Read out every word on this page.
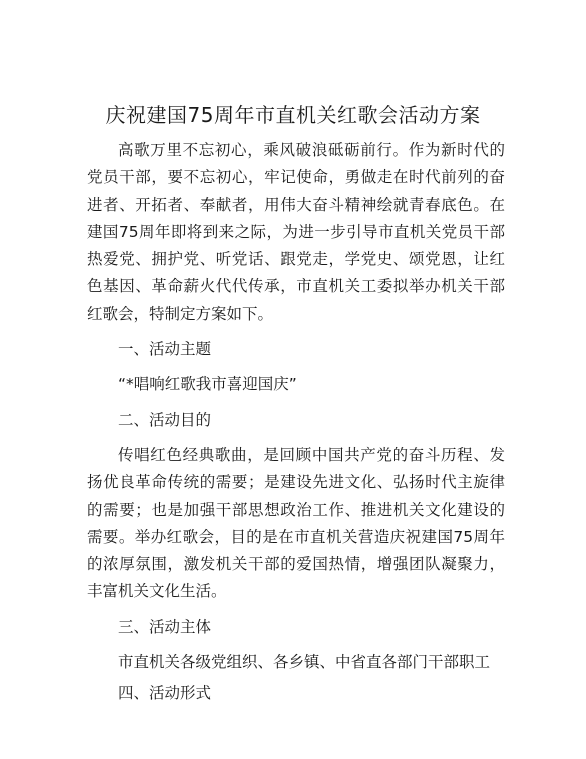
庆祝建国75周年市直机关红歌会活动方案

高歌万里不忘初心，乘风破浪砥砺前行。作为新时代的党员干部，要不忘初心，牢记使命，勇做走在时代前列的奋进者、开拓者、奉献者，用伟大奋斗精神绘就青春底色。在建国75周年即将到来之际，为进一步引导市直机关党员干部热爱党、拥护党、听党话、跟党走，学党史、颂党恩，让红色基因、革命薪火代代传承，市直机关工委拟举办机关干部红歌会，特制定方案如下。

一、活动主题

“*唱响红歌我市喜迎国庆”

二、活动目的

传唱红色经典歌曲，是回顾中国共产党的奋斗历程、发扬优良革命传统的需要；是建设先进文化、弘扬时代主旋律的需要；也是加强干部思想政治工作、推进机关文化建设的需要。举办红歌会，目的是在市直机关营造庆祝建国75周年的浓厚氛围，激发机关干部的爱国热情，增强团队凝聚力，丰富机关文化生活。

三、活动主体

市直机关各级党组织、各乡镇、中省直各部门干部职工

四、活动形式
